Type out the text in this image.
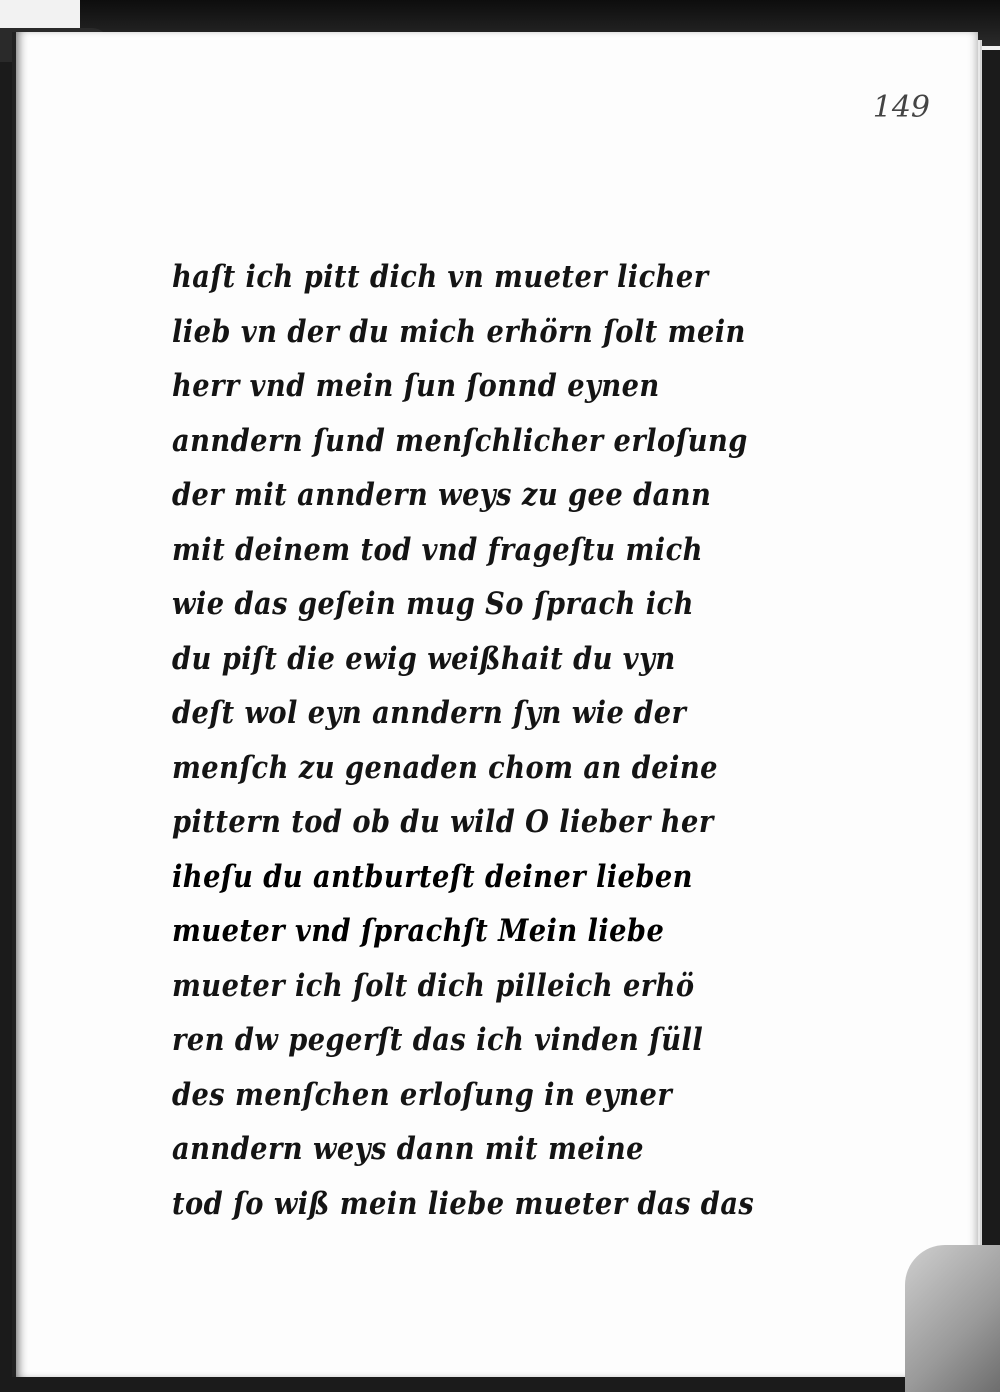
149
haſt ich pitt dich vn mueter licher
lieb vn der du mich erhörn ſolt mein
herr vnd mein ſun ſonnd eynen
anndern ſund menſchlicher erloſung
der mit anndern weys zu gee dann
mit deinem tod vnd frageſtu mich
wie das geſein mug So ſprach ich
du piſt die ewig weißhait du vyn
deſt wol eyn anndern ſyn wie der
menſch zu genaden chom an deine
pittern tod ob du wild O lieber her
iheſu du antburteſt deiner lieben
mueter vnd ſprachſt Mein liebe
mueter ich ſolt dich pilleich erhö
ren dw pegerſt das ich vinden ſüll
des menſchen erloſung in eyner
anndern weys dann mit meine
tod ſo wiß mein liebe mueter das das
